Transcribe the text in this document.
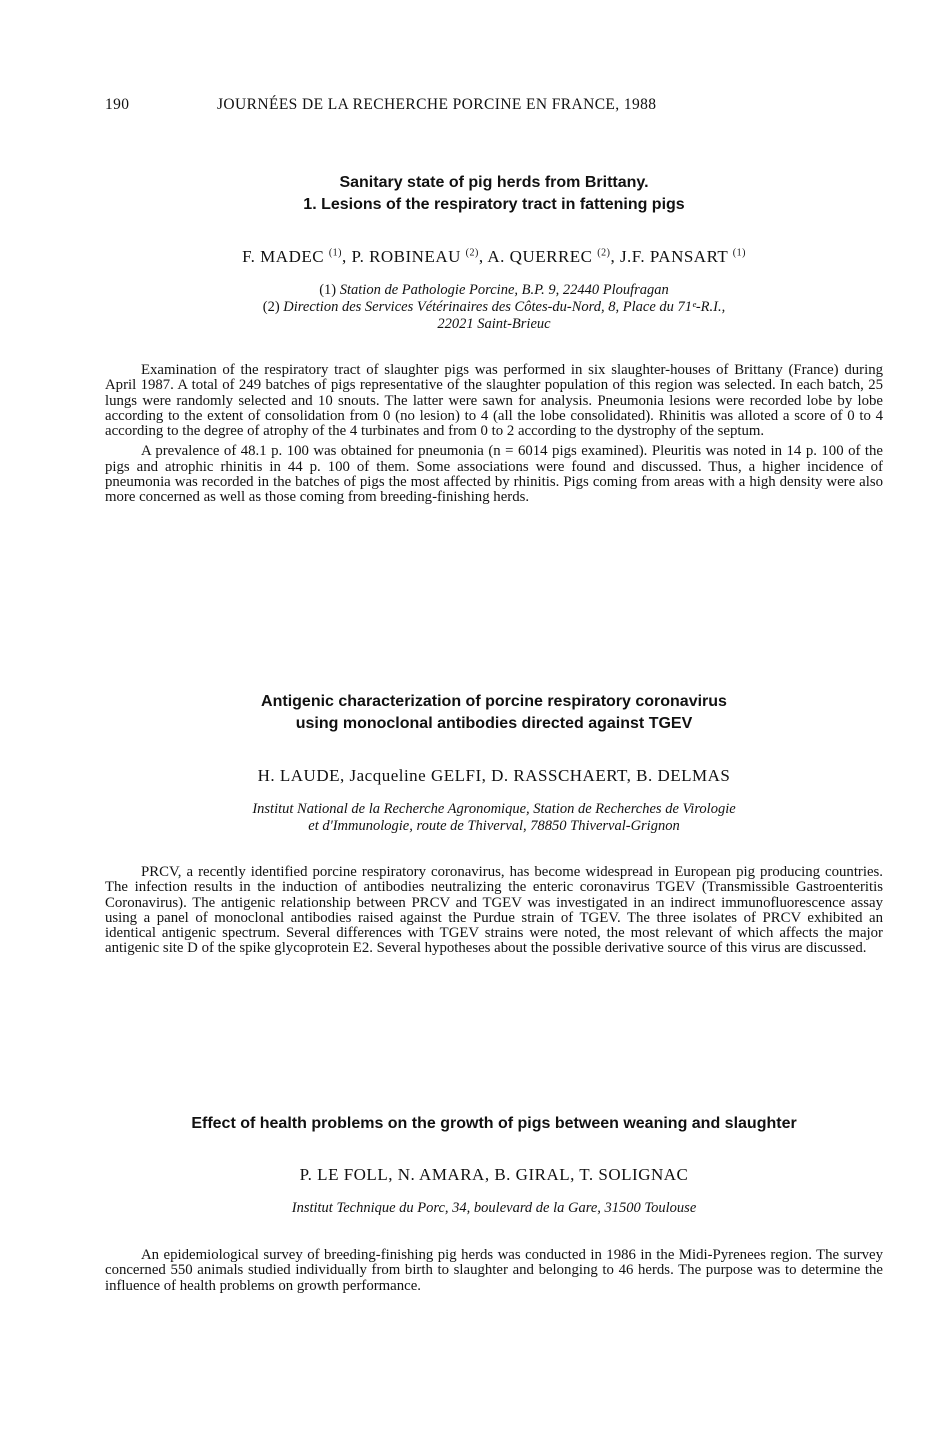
190	JOURNÉES DE LA RECHERCHE PORCINE EN FRANCE, 1988
Sanitary state of pig herds from Brittany.
1. Lesions of the respiratory tract in fattening pigs
F. MADEC $^{(1)}$, P. ROBINEAU $^{(2)}$, A. QUERREC $^{(2)}$, J.F. PANSART $^{(1)}$
(1) Station de Pathologie Porcine, B.P. 9, 22440 Ploufragan
(2) Direction des Services Vétérinaires des Côtes-du-Nord, 8, Place du 71ᵉ-R.I.,
22021 Saint-Brieuc

Examination of the respiratory tract of slaughter pigs was performed in six slaughter-houses of Brittany (France) during April 1987. A total of 249 batches of pigs representative of the slaughter population of this region was selected. In each batch, 25 lungs were randomly selected and 10 snouts. The latter were sawn for analysis. Pneumonia lesions were recorded lobe by lobe according to the extent of consolidation from 0 (no lesion) to 4 (all the lobe consolidated). Rhinitis was alloted a score of 0 to 4 according to the degree of atrophy of the 4 turbinates and from 0 to 2 according to the dystrophy of the septum.

A prevalence of 48.1 p. 100 was obtained for pneumonia (n = 6014 pigs examined). Pleuritis was noted in 14 p. 100 of the pigs and atrophic rhinitis in 44 p. 100 of them. Some associations were found and discussed. Thus, a higher incidence of pneumonia was recorded in the batches of pigs the most affected by rhinitis. Pigs coming from areas with a high density were also more concerned as well as those coming from breeding-finishing herds.

Antigenic characterization of porcine respiratory coronavirus
using monoclonal antibodies directed against TGEV
H. LAUDE, Jacqueline GELFI, D. RASSCHAERT, B. DELMAS
Institut National de la Recherche Agronomique, Station de Recherches de Virologie
et d'Immunologie, route de Thiverval, 78850 Thiverval-Grignon

PRCV, a recently identified porcine respiratory coronavirus, has become widespread in European pig producing countries. The infection results in the induction of antibodies neutralizing the enteric coronavirus TGEV (Transmissible Gastroenteritis Coronavirus). The antigenic relationship between PRCV and TGEV was investigated in an indirect immunofluorescence assay using a panel of monoclonal antibodies raised against the Purdue strain of TGEV. The three isolates of PRCV exhibited an identical antigenic spectrum. Several differences with TGEV strains were noted, the most relevant of which affects the major antigenic site D of the spike glycoprotein E2. Several hypotheses about the possible derivative source of this virus are discussed.

Effect of health problems on the growth of pigs between weaning and slaughter
P. LE FOLL, N. AMARA, B. GIRAL, T. SOLIGNAC
Institut Technique du Porc, 34, boulevard de la Gare, 31500 Toulouse

An epidemiological survey of breeding-finishing pig herds was conducted in 1986 in the Midi-Pyrenees region. The survey concerned 550 animals studied individually from birth to slaughter and belonging to 46 herds. The purpose was to determine the influence of health problems on growth performance.
